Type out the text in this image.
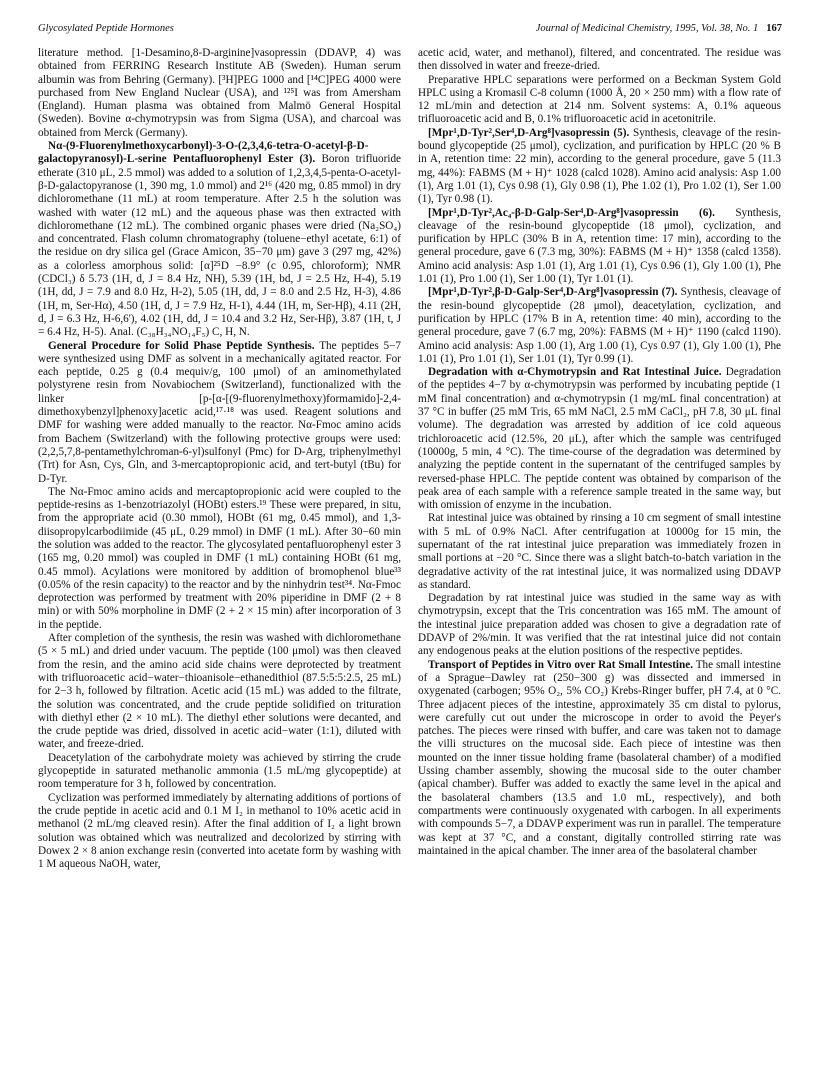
Glycosylated Peptide Hormones	Journal of Medicinal Chemistry, 1995, Vol. 38, No. 1 167

literature method. [1-Desamino,8-D-arginine]vasopressin (DDAVP, 4) was obtained from FERRING Research Institute AB (Sweden). Human serum albumin was from Behring (Germany). [³H]PEG 1000 and [¹⁴C]PEG 4000 were purchased from New England Nuclear (USA), and ¹²⁵I was from Amersham (England). Human plasma was obtained from Malmö General Hospital (Sweden). Bovine α-chymotrypsin was from Sigma (USA), and charcoal was obtained from Merck (Germany).

Nα-(9-Fluorenylmethoxycarbonyl)-3-O-(2,3,4,6-tetra-O-acetyl-β-D-galactopyranosyl)-L-serine Pentafluorophenyl Ester (3). Boron trifluoride etherate (310 μL, 2.5 mmol) was added to a solution of 1,2,3,4,5-penta-O-acetyl-β-D-galactopyranose (1, 390 mg, 1.0 mmol) and 2¹⁶ (420 mg, 0.85 mmol) in dry dichloromethane (11 mL) at room temperature. After 2.5 h the solution was washed with water (12 mL) and the aqueous phase was then extracted with dichloromethane (12 mL). The combined organic phases were dried (Na₂SO₄) and concentrated. Flash column chromatography (toluene−ethyl acetate, 6:1) of the residue on dry silica gel (Grace Amicon, 35−70 μm) gave 3 (297 mg, 42%) as a colorless amorphous solid: [α]²⁵D −8.9° (c 0.95, chloroform); NMR (CDCl₃) δ 5.73 (1H, d, J = 8.4 Hz, NH), 5.39 (1H, bd, J = 2.5 Hz, H-4), 5.19 (1H, dd, J = 7.9 and 8.0 Hz, H-2), 5.05 (1H, dd, J = 8.0 and 2.5 Hz, H-3), 4.86 (1H, m, Ser-Hα), 4.50 (1H, d, J = 7.9 Hz, H-1), 4.44 (1H, m, Ser-Hβ), 4.11 (2H, d, J = 6.3 Hz, H-6,6'), 4.02 (1H, dd, J = 10.4 and 3.2 Hz, Ser-Hβ), 3.87 (1H, t, J = 6.4 Hz, H-5). Anal. (C₃₈H₃₄NO₁₄F₅) C, H, N.

General Procedure for Solid Phase Peptide Synthesis. The peptides 5−7 were synthesized using DMF as solvent in a mechanically agitated reactor. For each peptide, 0.25 g (0.4 mequiv/g, 100 μmol) of an aminomethylated polystyrene resin from Novabiochem (Switzerland), functionalized with the linker [p-[α-[(9-fluorenylmethoxy)formamido]-2,4-dimethoxybenzyl]phenoxy]acetic acid,¹⁷·¹⁸ was used. Reagent solutions and DMF for washing were added manually to the reactor. Nα-Fmoc amino acids from Bachem (Switzerland) with the following protective groups were used: (2,2,5,7,8-pentamethylchroman-6-yl)sulfonyl (Pmc) for D-Arg, triphenylmethyl (Trt) for Asn, Cys, Gln, and 3-mercaptopropionic acid, and tert-butyl (tBu) for D-Tyr.

The Nα-Fmoc amino acids and mercaptopropionic acid were coupled to the peptide-resins as 1-benzotriazolyl (HOBt) esters.¹⁹ These were prepared, in situ, from the appropriate acid (0.30 mmol), HOBt (61 mg, 0.45 mmol), and 1,3-diisopropylcarbodiimide (45 μL, 0.29 mmol) in DMF (1 mL). After 30−60 min the solution was added to the reactor. The glycosylated pentafluorophenyl ester 3 (165 mg, 0.20 mmol) was coupled in DMF (1 mL) containing HOBt (61 mg, 0.45 mmol). Acylations were monitored by addition of bromophenol blue³³ (0.05% of the resin capacity) to the reactor and by the ninhydrin test³⁴. Nα-Fmoc deprotection was performed by treatment with 20% piperidine in DMF (2 + 8 min) or with 50% morpholine in DMF (2 + 2 × 15 min) after incorporation of 3 in the peptide.

After completion of the synthesis, the resin was washed with dichloromethane (5 × 5 mL) and dried under vacuum. The peptide (100 μmol) was then cleaved from the resin, and the amino acid side chains were deprotected by treatment with trifluoroacetic acid−water−thioanisole−ethanedithiol (87.5:5:5:2.5, 25 mL) for 2−3 h, followed by filtration. Acetic acid (15 mL) was added to the filtrate, the solution was concentrated, and the crude peptide solidified on trituration with diethyl ether (2 × 10 mL). The diethyl ether solutions were decanted, and the crude peptide was dried, dissolved in acetic acid−water (1:1), diluted with water, and freeze-dried.

Deacetylation of the carbohydrate moiety was achieved by stirring the crude glycopeptide in saturated methanolic ammonia (1.5 mL/mg glycopeptide) at room temperature for 3 h, followed by concentration.

Cyclization was performed immediately by alternating additions of portions of the crude peptide in acetic acid and 0.1 M I₂ in methanol to 10% acetic acid in methanol (2 mL/mg cleaved resin). After the final addition of I₂ a light brown solution was obtained which was neutralized and decolorized by stirring with Dowex 2 × 8 anion exchange resin (converted into acetate form by washing with 1 M aqueous NaOH, water,

acetic acid, water, and methanol), filtered, and concentrated. The residue was then dissolved in water and freeze-dried.

Preparative HPLC separations were performed on a Beckman System Gold HPLC using a Kromasil C-8 column (1000 Å, 20 × 250 mm) with a flow rate of 12 mL/min and detection at 214 nm. Solvent systems: A, 0.1% aqueous trifluoroacetic acid and B, 0.1% trifluoroacetic acid in acetonitrile.

[Mpr¹,D-Tyr²,Ser⁴,D-Arg⁸]vasopressin (5). Synthesis, cleavage of the resin-bound glycopeptide (25 μmol), cyclization, and purification by HPLC (20 % B in A, retention time: 22 min), according to the general procedure, gave 5 (11.3 mg, 44%): FABMS (M + H)⁺ 1028 (calcd 1028). Amino acid analysis: Asp 1.00 (1), Arg 1.01 (1), Cys 0.98 (1), Gly 0.98 (1), Phe 1.02 (1), Pro 1.02 (1), Ser 1.00 (1), Tyr 0.98 (1).

[Mpr¹,D-Tyr²,Ac₄-β-D-Galp-Ser⁴,D-Arg⁸]vasopressin (6). Synthesis, cleavage of the resin-bound glycopeptide (18 μmol), cyclization, and purification by HPLC (30% B in A, retention time: 17 min), according to the general procedure, gave 6 (7.3 mg, 30%): FABMS (M + H)⁺ 1358 (calcd 1358). Amino acid analysis: Asp 1.01 (1), Arg 1.01 (1), Cys 0.96 (1), Gly 1.00 (1), Phe 1.01 (1), Pro 1.00 (1), Ser 1.00 (1), Tyr 1.01 (1).

[Mpr¹,D-Tyr²,β-D-Galp-Ser⁴,D-Arg⁸]vasopressin (7). Synthesis, cleavage of the resin-bound glycopeptide (28 μmol), deacetylation, cyclization, and purification by HPLC (17% B in A, retention time: 40 min), according to the general procedure, gave 7 (6.7 mg, 20%): FABMS (M + H)⁺ 1190 (calcd 1190). Amino acid analysis: Asp 1.00 (1), Arg 1.00 (1), Cys 0.97 (1), Gly 1.00 (1), Phe 1.01 (1), Pro 1.01 (1), Ser 1.01 (1), Tyr 0.99 (1).

Degradation with α-Chymotrypsin and Rat Intestinal Juice. Degradation of the peptides 4−7 by α-chymotrypsin was performed by incubating peptide (1 mM final concentration) and α-chymotrypsin (1 mg/mL final concentration) at 37 °C in buffer (25 mM Tris, 65 mM NaCl, 2.5 mM CaCl₂, pH 7.8, 30 μL final volume). The degradation was arrested by addition of ice cold aqueous trichloroacetic acid (12.5%, 20 μL), after which the sample was centrifuged (10000g, 5 min, 4 °C). The time-course of the degradation was determined by analyzing the peptide content in the supernatant of the centrifuged samples by reversed-phase HPLC. The peptide content was obtained by comparison of the peak area of each sample with a reference sample treated in the same way, but with omission of enzyme in the incubation.

Rat intestinal juice was obtained by rinsing a 10 cm segment of small intestine with 5 mL of 0.9% NaCl. After centrifugation at 10000g for 15 min, the supernatant of the rat intestinal juice preparation was immediately frozen in small portions at −20 °C. Since there was a slight batch-to-batch variation in the degradative activity of the rat intestinal juice, it was normalized using DDAVP as standard.

Degradation by rat intestinal juice was studied in the same way as with chymotrypsin, except that the Tris concentration was 165 mM. The amount of the intestinal juice preparation added was chosen to give a degradation rate of DDAVP of 2%/min. It was verified that the rat intestinal juice did not contain any endogenous peaks at the elution positions of the respective peptides.

Transport of Peptides in Vitro over Rat Small Intestine. The small intestine of a Sprague−Dawley rat (250−300 g) was dissected and immersed in oxygenated (carbogen; 95% O₂, 5% CO₂) Krebs-Ringer buffer, pH 7.4, at 0 °C. Three adjacent pieces of the intestine, approximately 35 cm distal to pylorus, were carefully cut out under the microscope in order to avoid the Peyer's patches. The pieces were rinsed with buffer, and care was taken not to damage the villi structures on the mucosal side. Each piece of intestine was then mounted on the inner tissue holding frame (basolateral chamber) of a modified Ussing chamber assembly, showing the mucosal side to the outer chamber (apical chamber). Buffer was added to exactly the same level in the apical and the basolateral chambers (13.5 and 1.0 mL, respectively), and both compartments were continuously oxygenated with carbogen. In all experiments with compounds 5−7, a DDAVP experiment was run in parallel. The temperature was kept at 37 °C, and a constant, digitally controlled stirring rate was maintained in the apical chamber. The inner area of the basolateral chamber
